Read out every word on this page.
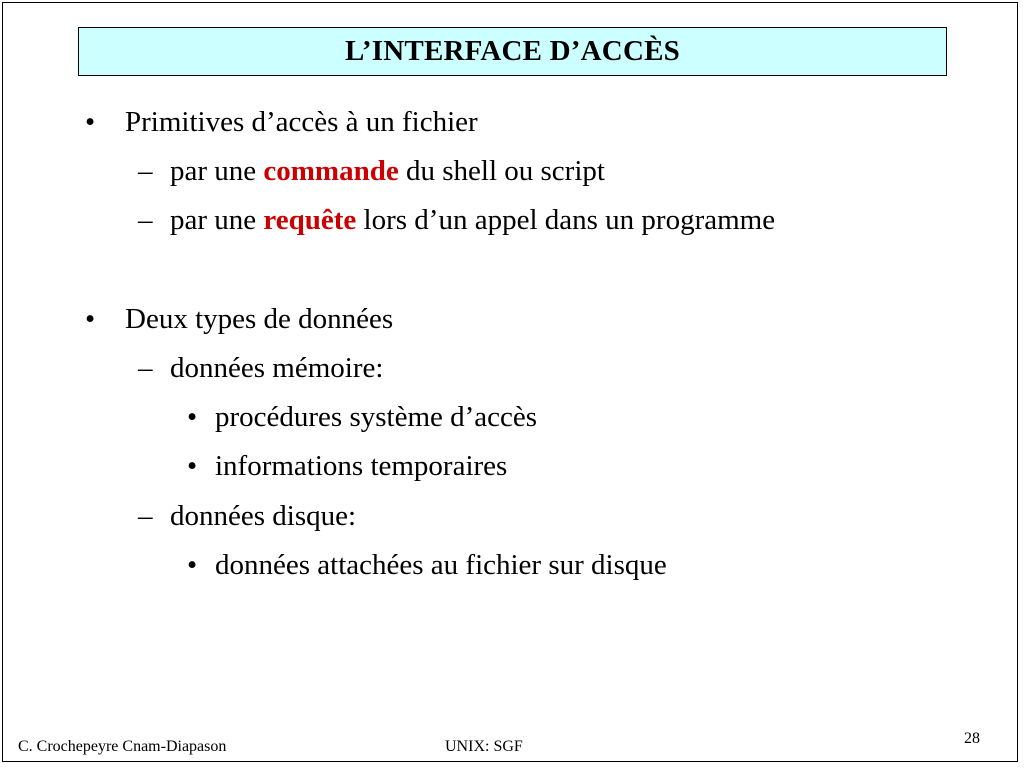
L’INTERFACE D’ACCÈS
• Primitives d’accès à un fichier
– par une commande du shell ou script
– par une requête lors d’un appel dans un programme
• Deux types de données
– données mémoire:
• procédures système d’accès
• informations temporaires
– données disque:
• données attachées au fichier sur disque
C. Crochepeyre Cnam-Diapason	UNIX: SGF	28
